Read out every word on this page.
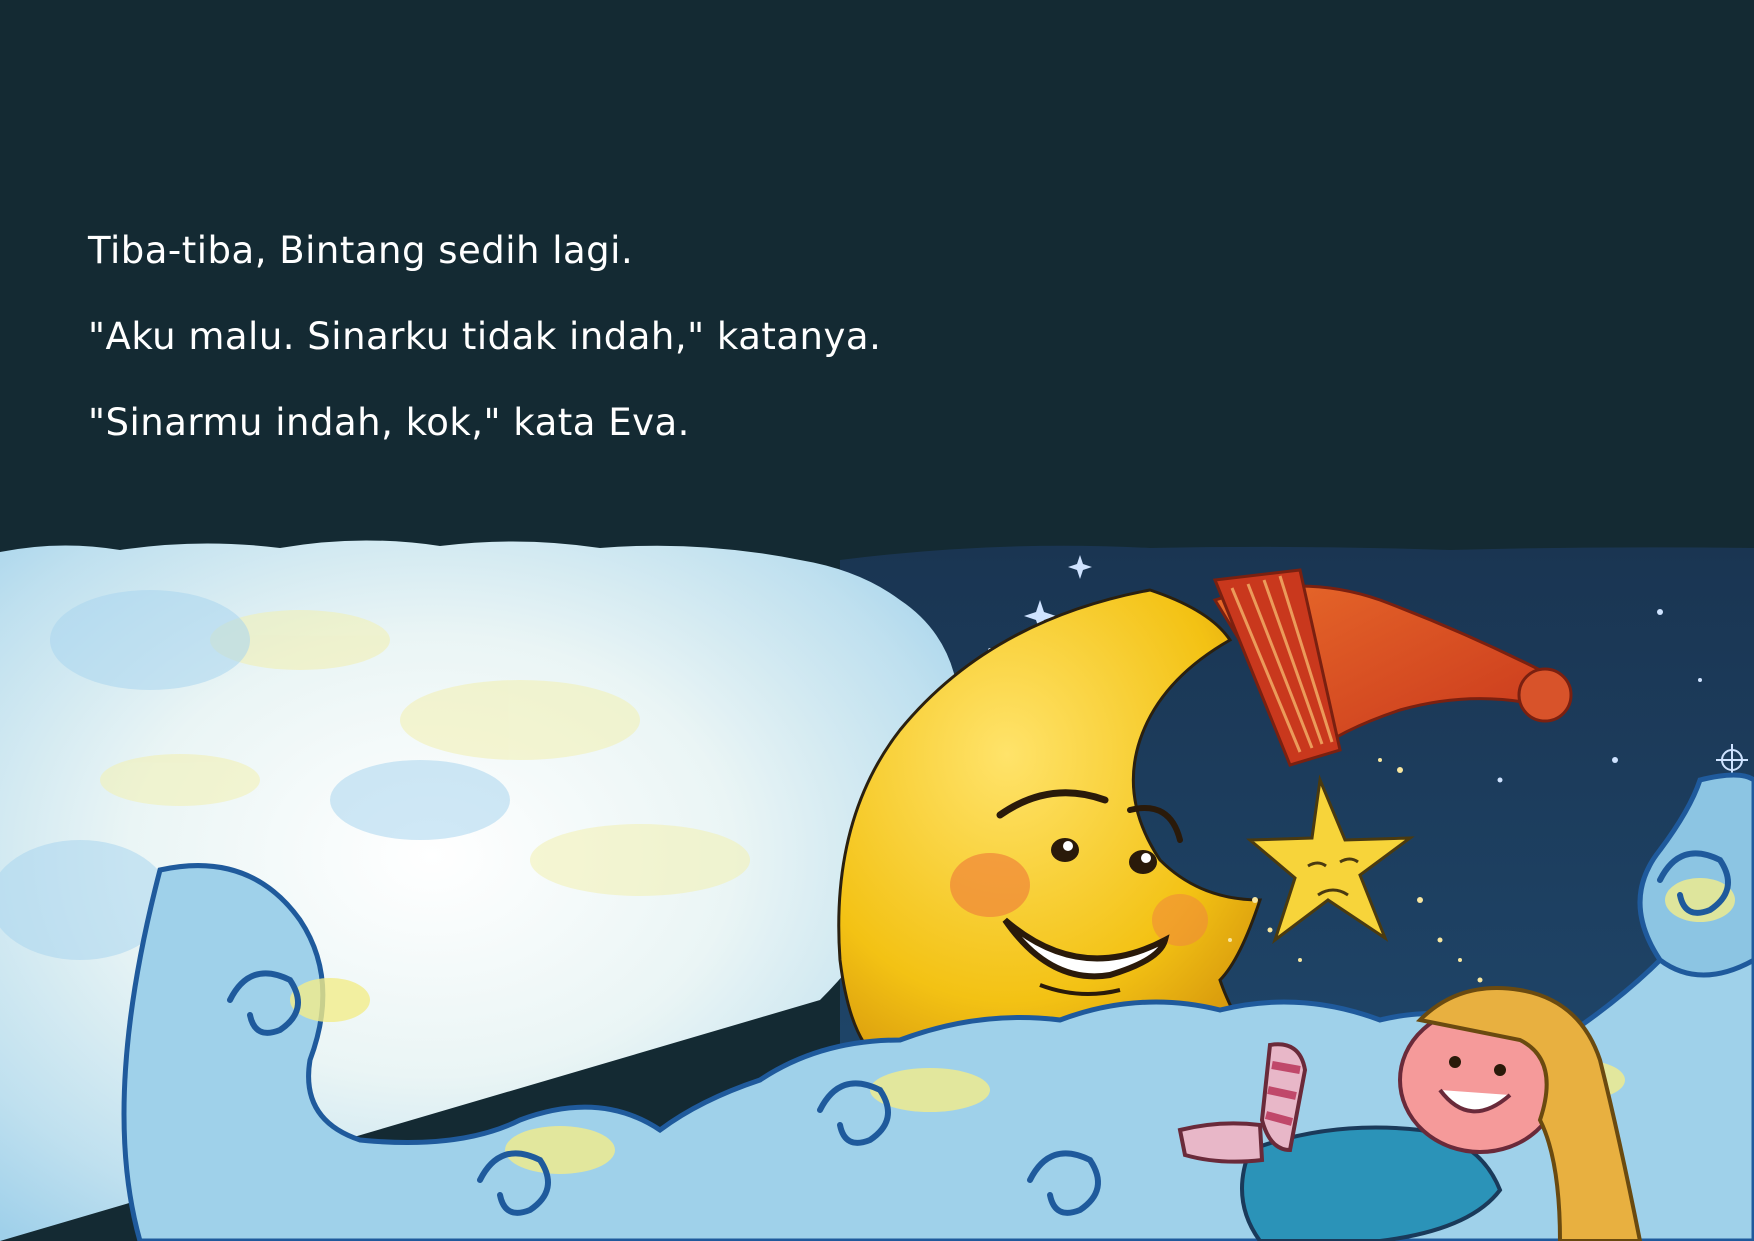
Tiba-tiba, Bintang sedih lagi.

"Aku malu. Sinarku tidak indah," katanya.

"Sinarmu indah, kok," kata Eva.
